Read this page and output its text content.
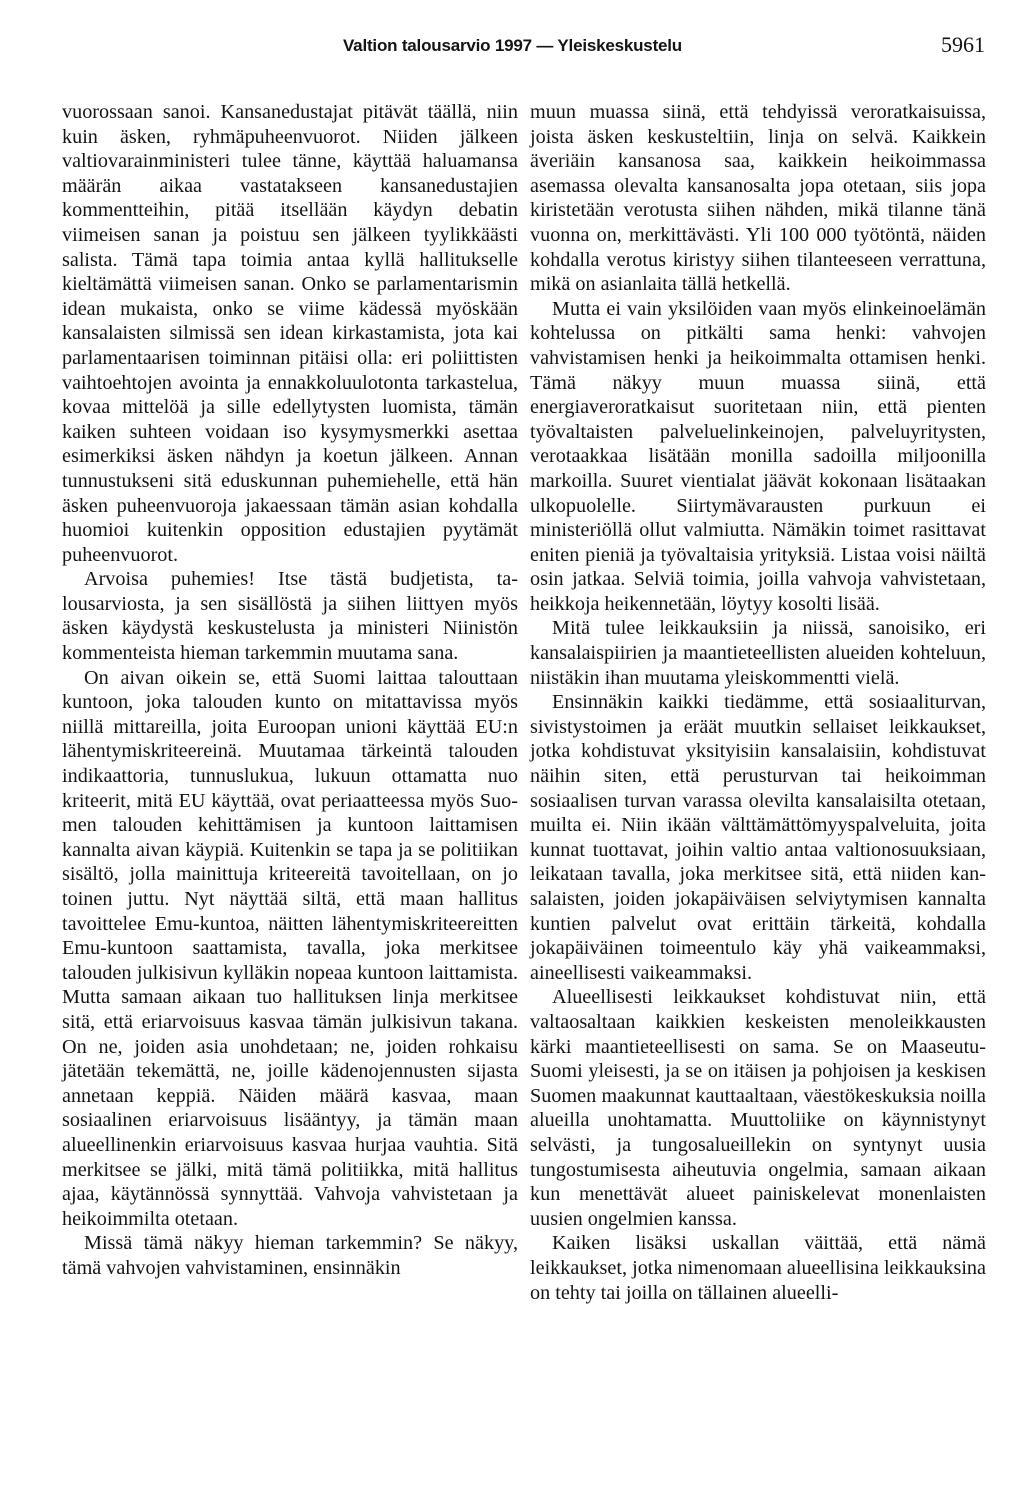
Valtion talousarvio 1997 — Yleiskeskustelu	5961

vuorossaan sanoi. Kansanedustajat pitävät täällä, niin kuin äsken, ryhmäpuheenvuorot. Niiden jälkeen valtiovarainministeri tulee tänne, käyttää haluamansa määrän aikaa vastatakseen kansanedustajien kommentteihin, pitää itsellään käydyn debatin viimeisen sanan ja poistuu sen jälkeen tyylikkäästi salista. Tämä tapa toimia antaa kyllä hallitukselle kieltämättä viimeisen sanan. Onko se parlamentarismin idean mukaista, onko se viime kädessä myöskään kansalaisten silmissä sen idean kirkastamista, jota kai parlamentaarisen toiminnan pitäisi olla: eri poliittisten vaihtoehtojen avointa ja ennakkoluulotonta tarkastelua, kovaa mittelöä ja sille edellytysten luomista, tämän kaiken suhteen voidaan iso kysymysmerkki asettaa esimerkiksi äsken nähdyn ja koetun jälkeen. Annan tunnustukseni sitä eduskunnan puhemiehelle, että hän äsken puheenvuoroja jakaessaan tämän asian kohdalla huomioi kuitenkin opposition edustajien pyytämät puheenvuorot.

Arvoisa puhemies! Itse tästä budjetista, talousarviosta, ja sen sisällöstä ja siihen liittyen myös äsken käydystä keskustelusta ja ministeri Niinistön kommenteista hieman tarkemmin muutama sana.

On aivan oikein se, että Suomi laittaa talouttaan kuntoon, joka talouden kunto on mitattavissa myös niillä mittareilla, joita Euroopan unioni käyttää EU:n lähentymiskriteereinä. Muutamaa tärkeintä talouden indikaattoria, tunnuslukua, lukuun ottamatta nuo kriteerit, mitä EU käyttää, ovat periaatteessa myös Suomen talouden kehittämisen ja kuntoon laittamisen kannalta aivan käypiä. Kuitenkin se tapa ja se politiikan sisältö, jolla mainittuja kriteereitä tavoitellaan, on jo toinen juttu. Nyt näyttää siltä, että maan hallitus tavoittelee Emu-kuntoa, näitten lähentymiskriteereitten Emu-kuntoon saattamista, tavalla, joka merkitsee talouden julkisivun kylläkin nopeaa kuntoon laittamista. Mutta samaan aikaan tuo hallituksen linja merkitsee sitä, että eriarvoisuus kasvaa tämän julkisivun takana. On ne, joiden asia unohdetaan; ne, joiden rohkaisu jätetään tekemättä, ne, joille kädenojennusten sijasta annetaan keppiä. Näiden määrä kasvaa, maan sosiaalinen eriarvoisuus lisääntyy, ja tämän maan alueellinenkin eriarvoisuus kasvaa hurjaa vauhtia. Sitä merkitsee se jälki, mitä tämä politiikka, mitä hallitus ajaa, käytännössä synnyttää. Vahvoja vahvistetaan ja heikoimmilta otetaan.

Missä tämä näkyy hieman tarkemmin? Se näkyy, tämä vahvojen vahvistaminen, ensinnäkin

muun muassa siinä, että tehdyissä veroratkaisuissa, joista äsken keskusteltiin, linja on selvä. Kaikkein äveriäin kansanosa saa, kaikkein heikoimmassa asemassa olevalta kansanosalta jopa otetaan, siis jopa kiristetään verotusta siihen nähden, mikä tilanne tänä vuonna on, merkittävästi. Yli 100 000 työtöntä, näiden kohdalla verotus kiristyy siihen tilanteeseen verrattuna, mikä on asianlaita tällä hetkellä.

Mutta ei vain yksilöiden vaan myös elinkeinoelämän kohtelussa on pitkälti sama henki: vahvojen vahvistamisen henki ja heikoimmalta ottamisen henki. Tämä näkyy muun muassa siinä, että energiaveroratkaisut suoritetaan niin, että pienten työvaltaisten palveluelinkeinojen, palveluyritysten, verotaakkaa lisätään monilla sadoilla miljoonilla markoilla. Suuret vientialat jäävät kokonaan lisätaakan ulkopuolelle. Siirtymävarausten purkuun ei ministeriöllä ollut valmiutta. Nämäkin toimet rasittavat eniten pieniä ja työvaltaisia yrityksiä. Listaa voisi näiltä osin jatkaa. Selviä toimia, joilla vahvoja vahvistetaan, heikkoja heikennetään, löytyy kosolti lisää.

Mitä tulee leikkauksiin ja niissä, sanoisiko, eri kansalaispiirien ja maantieteellisten alueiden kohteluun, niistäkin ihan muutama yleiskommentti vielä.

Ensinnäkin kaikki tiedämme, että sosiaaliturvan, sivistystoimen ja eräät muutkin sellaiset leikkaukset, jotka kohdistuvat yksityisiin kansalaisiin, kohdistuvat näihin siten, että perusturvan tai heikoimman sosiaalisen turvan varassa olevilta kansalaisilta otetaan, muilta ei. Niin ikään välttämättömyyspalveluita, joita kunnat tuottavat, joihin valtio antaa valtionosuuksiaan, leikataan tavalla, joka merkitsee sitä, että niiden kansalaisten, joiden jokapäiväisen selviytymisen kannalta kuntien palvelut ovat erittäin tärkeitä, kohdalla jokapäiväinen toimeentulo käy yhä vaikeammaksi, aineellisesti vaikeammaksi.

Alueellisesti leikkaukset kohdistuvat niin, että valtaosaltaan kaikkien keskeisten menoleikkausten kärki maantieteellisesti on sama. Se on Maaseutu-Suomi yleisesti, ja se on itäisen ja pohjoisen ja keskisen Suomen maakunnat kauttaaltaan, väestökeskuksia noilla alueilla unohtamatta. Muuttoliike on käynnistynyt selvästi, ja tungosalueillekin on syntynyt uusia tungostumisesta aiheutuvia ongelmia, samaan aikaan kun menettävät alueet painiskelevat monenlaisten uusien ongelmien kanssa.

Kaiken lisäksi uskallan väittää, että nämä leikkaukset, jotka nimenomaan alueellisina leikkauksina on tehty tai joilla on tällainen alueelli-
